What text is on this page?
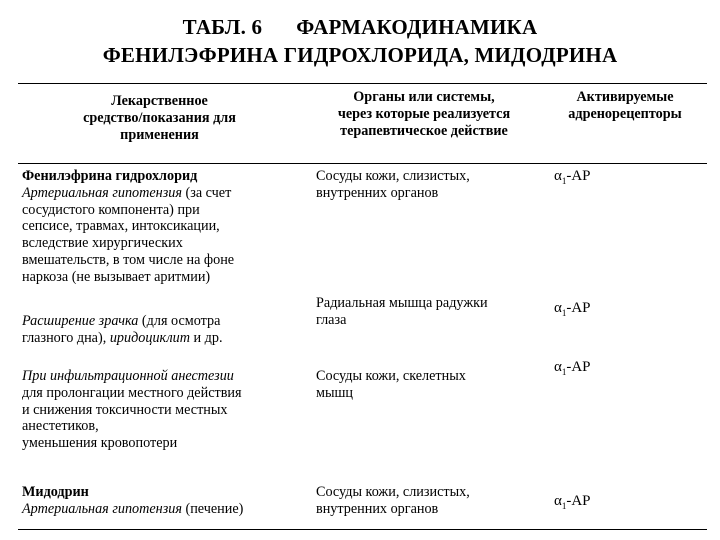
ТАБЛ. 6 ФАРМАКОДИНАМИКА
ФЕНИЛЭФРИНА ГИДРОХЛОРИДА, МИДОДРИНА
Лекарственное
средство/показания для
применения
Органы или системы,
через которые реализуется
терапевтическое действие
Активируемые
адренорецепторы
Фенилэфрина гидрохлорид
Артериальная гипотензия (за счет
сосудистого компонента) при
сепсисе, травмах, интоксикации,
вследствие хирургических
вмешательств, в том числе на фоне
наркоза (не вызывает аритмии)
Сосуды кожи, слизистых,
внутренних органов
$\alpha_1-АР$
Расширение зрачка (для осмотра
глазного дна), иридоциклит и др.
Радиальная мышца радужки
глаза
$\alpha_1-АР$
При инфильтрационной анестезии
для пролонгации местного действия
и снижения токсичности местных
анестетиков,
уменьшения кровопотери
Сосуды кожи, скелетных
мышц
$\alpha_1-АР$
Мидодрин
Артериальная гипотензия (печение)
Сосуды кожи, слизистых,
внутренних органов	$\alpha_1-АР$
